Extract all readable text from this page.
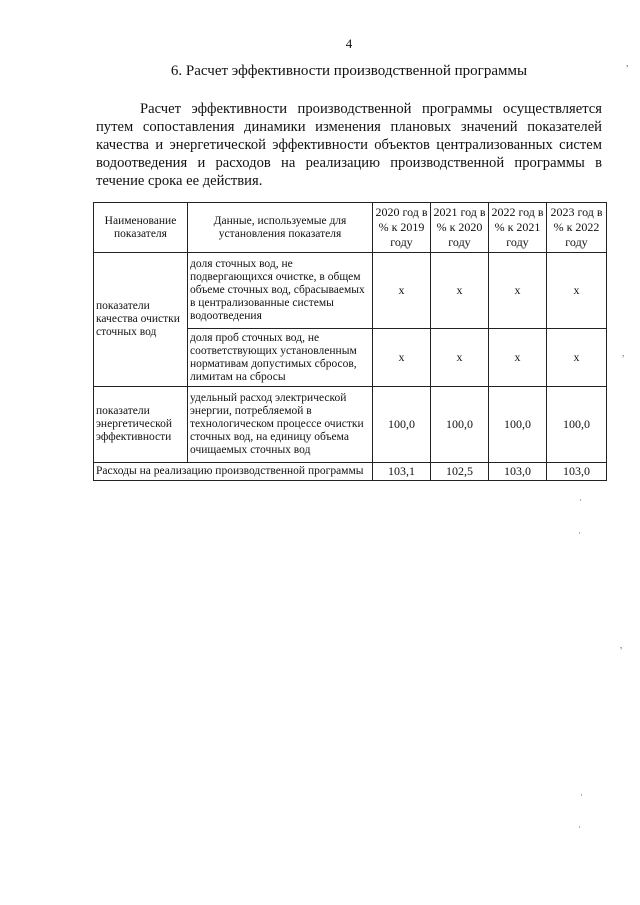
4
6. Расчет эффективности производственной программы

Расчет эффективности производственной программы осуществляется путем сопоставления динамики изменения плановых значений показателей качества и энергетической эффективности объектов централизованных систем водоотведения и расходов на реализацию производственной программы в течение срока ее действия.

Наименование показателя	Данные, используемые для установления показателя	2020 год в % к 2019 году	2021 год в % к 2020 году	2022 год в % к 2021 году	2023 год в % к 2022 году
показатели качества очистки сточных вод	доля сточных вод, не подвергающихся очистке, в общем объеме сточных вод, сбрасываемых в централизованные системы водоотведения	x	x	x	x
	доля проб сточных вод, не соответствующих установленным нормативам допустимых сбросов, лимитам на сбросы	x	x	x	x
показатели энергетической эффективности	удельный расход электрической энергии, потребляемой в технологическом процессе очистки сточных вод, на единицу объема очищаемых сточных вод	100,0	100,0	100,0	100,0
Расходы на реализацию производственной программы		103,1	102,5	103,0	103,0
,
,
·
·
,
·
·
